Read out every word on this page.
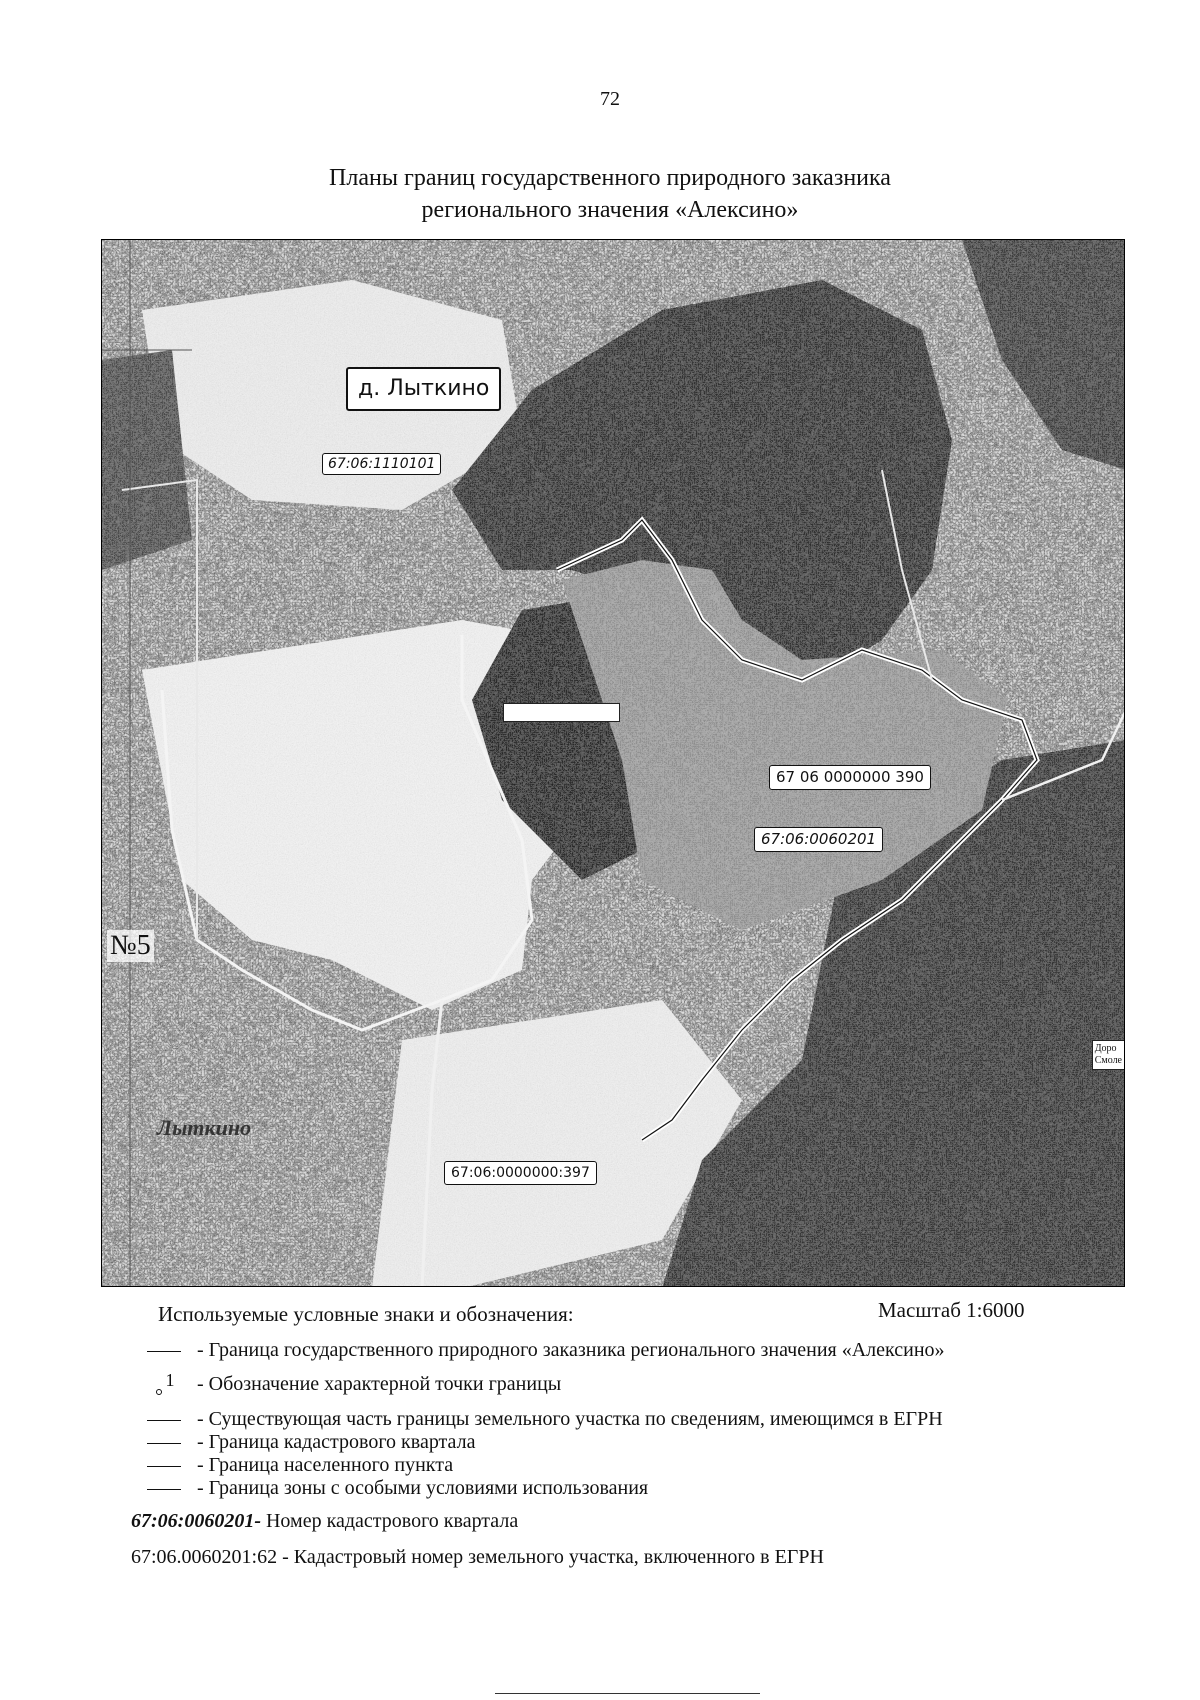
72
Планы границ государственного природного заказника
регионального значения «Алексино»
д. Лыткино
67:06:1110101
67 06 0000000 390
67:06:0060201
67:06:0000000:397
№5
Лыткино
Доро
Смоле
Используемые условные знаки и обозначения:	Масштаб 1:6000
- Граница государственного природного заказника регионального значения «Алексино»
1 - Обозначение характерной точки границы
- Существующая часть границы земельного участка по сведениям, имеющимся в ЕГРН
- Граница кадастрового квартала
- Граница населенного пункта
- Граница зоны с особыми условиями использования
67:06:0060201- Номер кадастрового квартала
67:06.0060201:62 - Кадастровый номер земельного участка, включенного в ЕГРН
